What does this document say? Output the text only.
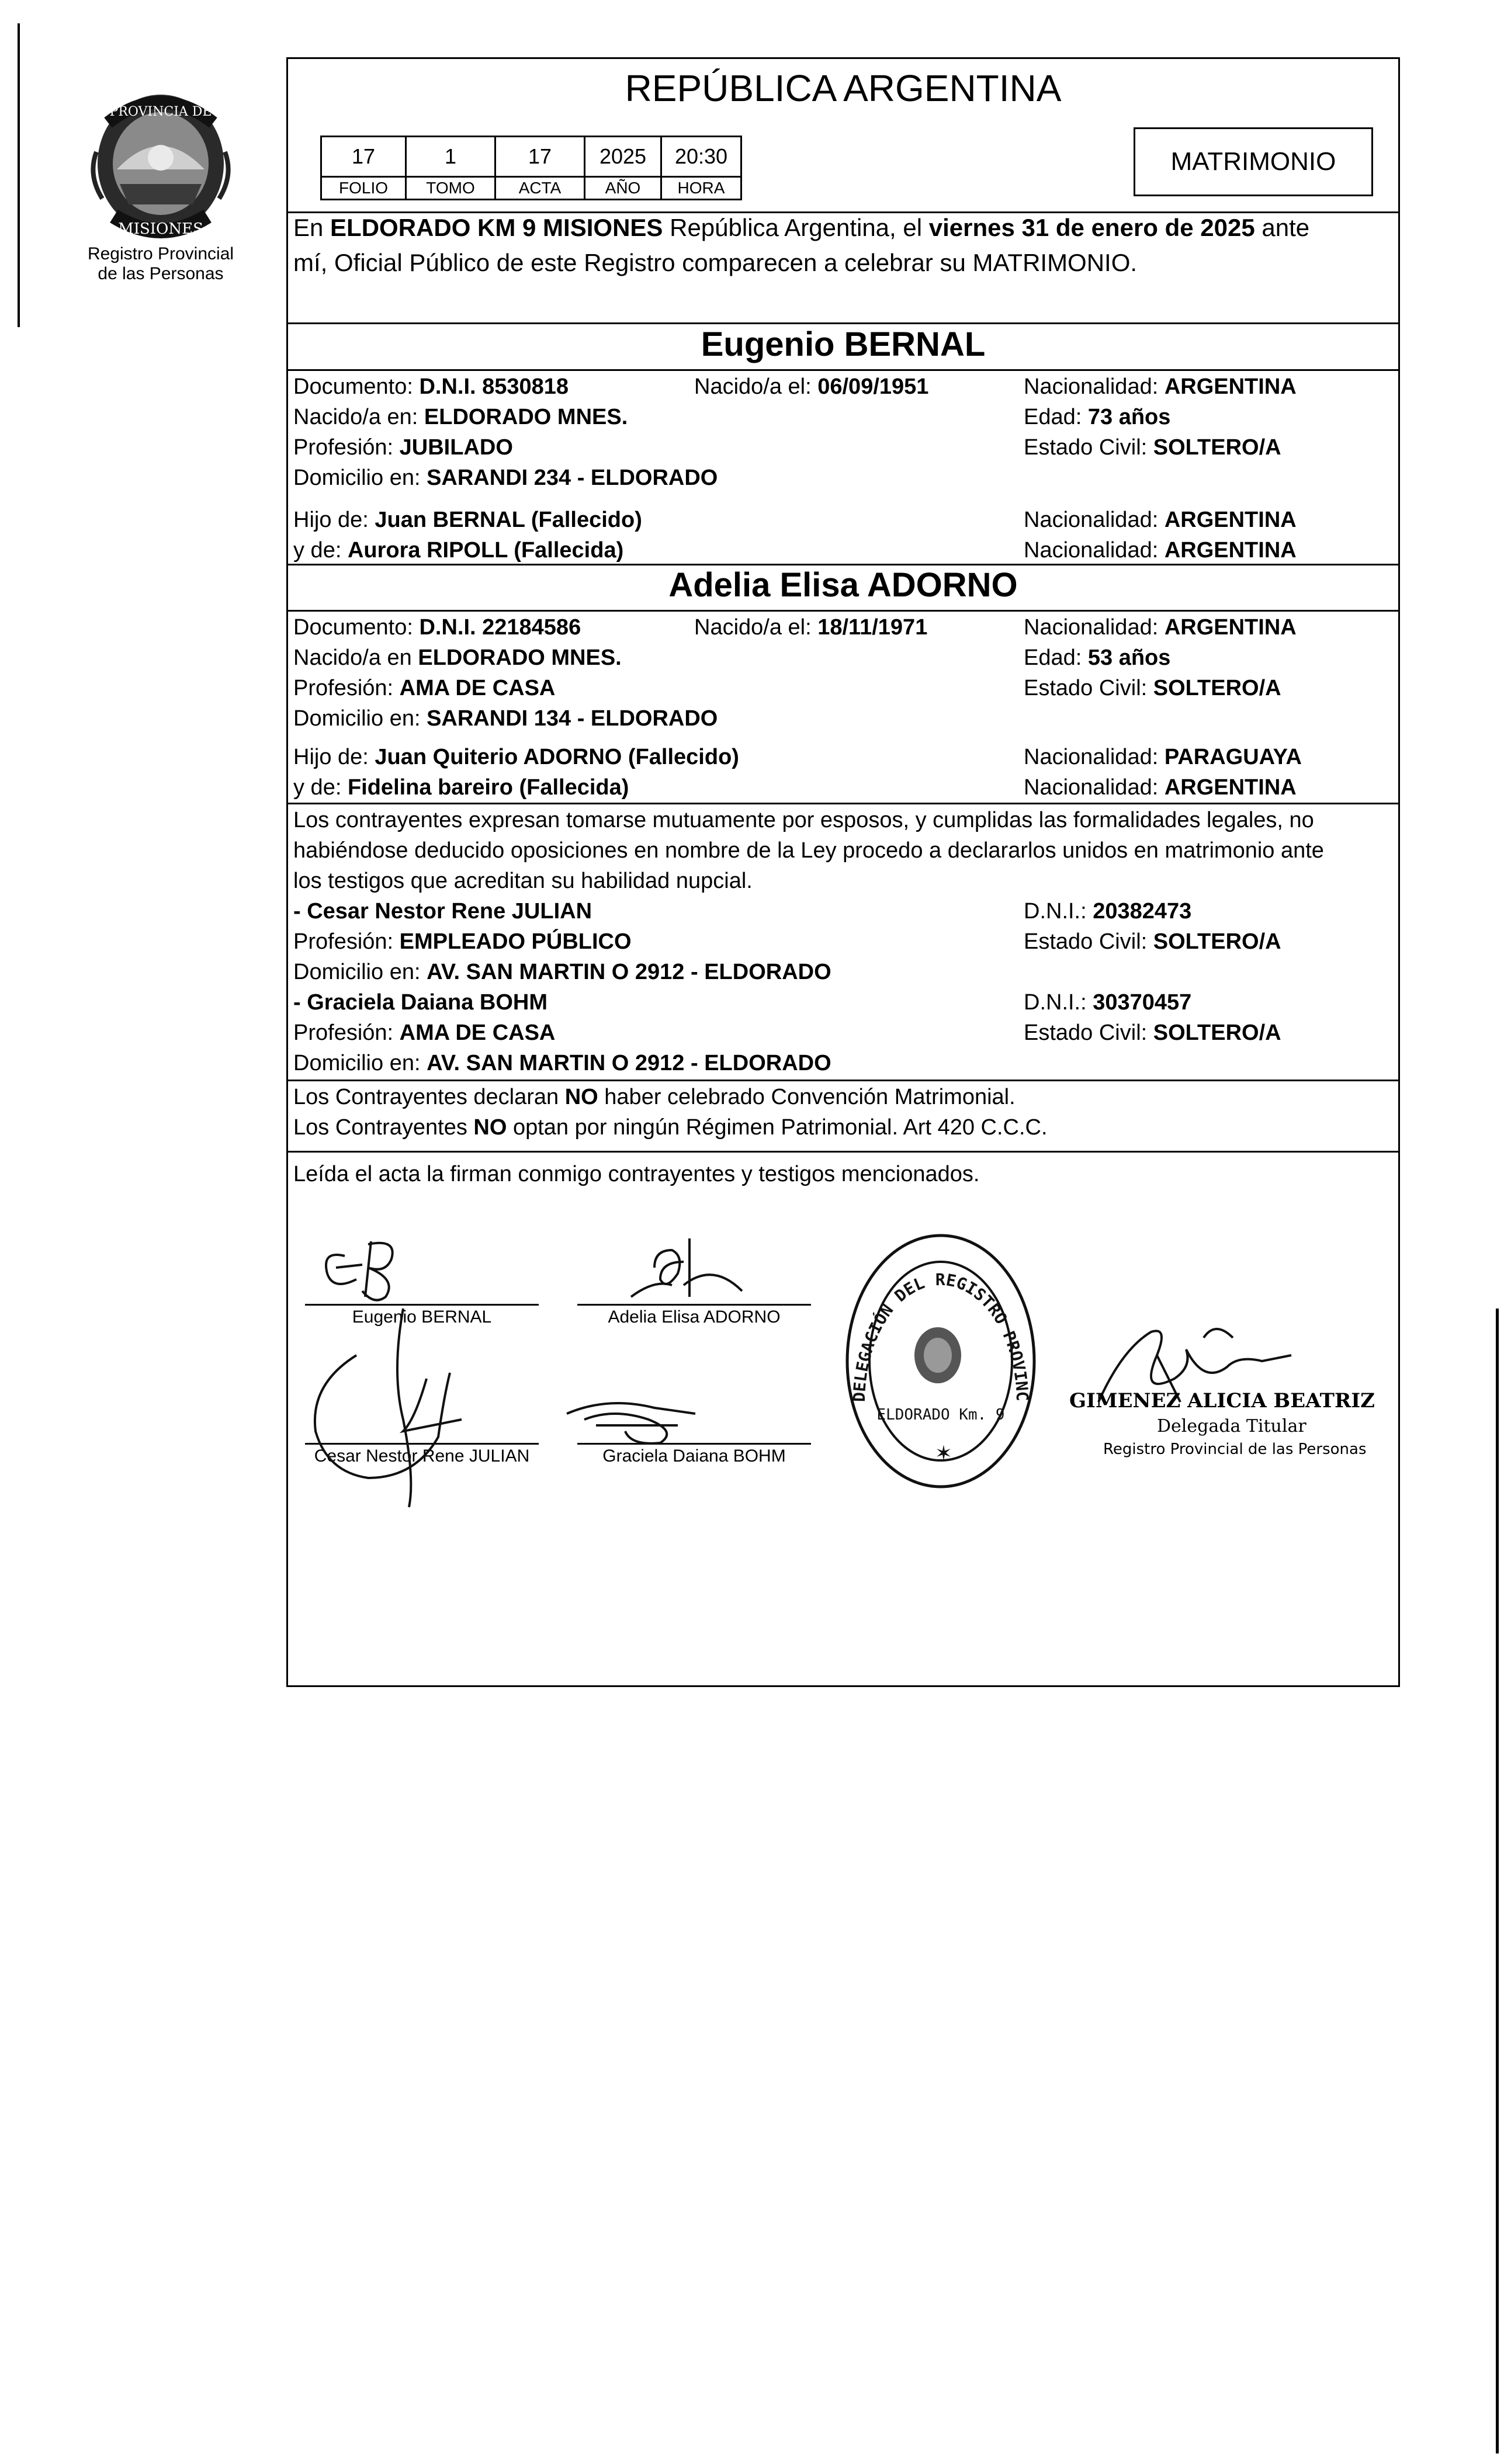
PROVINCIA DE
MISIONES
Registro Provincial
de las Personas
REPÚBLICA ARGENTINA
17	1	17	2025	20:30
FOLIO	TOMO	ACTA	AÑO	HORA
MATRIMONIO
En ELDORADO KM 9 MISIONES República Argentina, el viernes 31 de enero de 2025 ante
mí, Oficial Público de este Registro comparecen a celebrar su MATRIMONIO.
Eugenio BERNAL
Documento: D.N.I. 8530818	Nacido/a el: 06/09/1951	Nacionalidad: ARGENTINA
Nacido/a en: ELDORADO MNES.	Edad: 73 años
Profesión: JUBILADO	Estado Civil: SOLTERO/A
Domicilio en: SARANDI 234 - ELDORADO
Hijo de: Juan BERNAL (Fallecido)	Nacionalidad: ARGENTINA
y de: Aurora RIPOLL (Fallecida)	Nacionalidad: ARGENTINA
Adelia Elisa ADORNO
Documento: D.N.I. 22184586	Nacido/a el: 18/11/1971	Nacionalidad: ARGENTINA
Nacido/a en ELDORADO MNES.	Edad: 53 años
Profesión: AMA DE CASA	Estado Civil: SOLTERO/A
Domicilio en: SARANDI 134 - ELDORADO
Hijo de: Juan Quiterio ADORNO (Fallecido)	Nacionalidad: PARAGUAYA
y de: Fidelina bareiro (Fallecida)	Nacionalidad: ARGENTINA
Los contrayentes expresan tomarse mutuamente por esposos, y cumplidas las formalidades legales, no
habiéndose deducido oposiciones en nombre de la Ley procedo a declararlos unidos en matrimonio ante
los testigos que acreditan su habilidad nupcial.
- Cesar Nestor Rene JULIAN	D.N.I.: 20382473
Profesión: EMPLEADO PÚBLICO	Estado Civil: SOLTERO/A
Domicilio en: AV. SAN MARTIN O 2912 - ELDORADO
- Graciela Daiana BOHM	D.N.I.: 30370457
Profesión: AMA DE CASA	Estado Civil: SOLTERO/A
Domicilio en: AV. SAN MARTIN O 2912 - ELDORADO
Los Contrayentes declaran NO haber celebrado Convención Matrimonial.
Los Contrayentes NO optan por ningún Régimen Patrimonial. Art 420 C.C.C.
Leída el acta la firman conmigo contrayentes y testigos mencionados.
Eugenio BERNAL	Adelia Elisa ADORNO
Cesar Nestor Rene JULIAN	Graciela Daiana BOHM
DELEGACIÓN DEL REGISTRO PROVINCIAL DE LAS PERSONAS
ELDORADO Km. 9
✶
GIMENEZ ALICIA BEATRIZ
Delegada Titular
Registro Provincial de las Personas
